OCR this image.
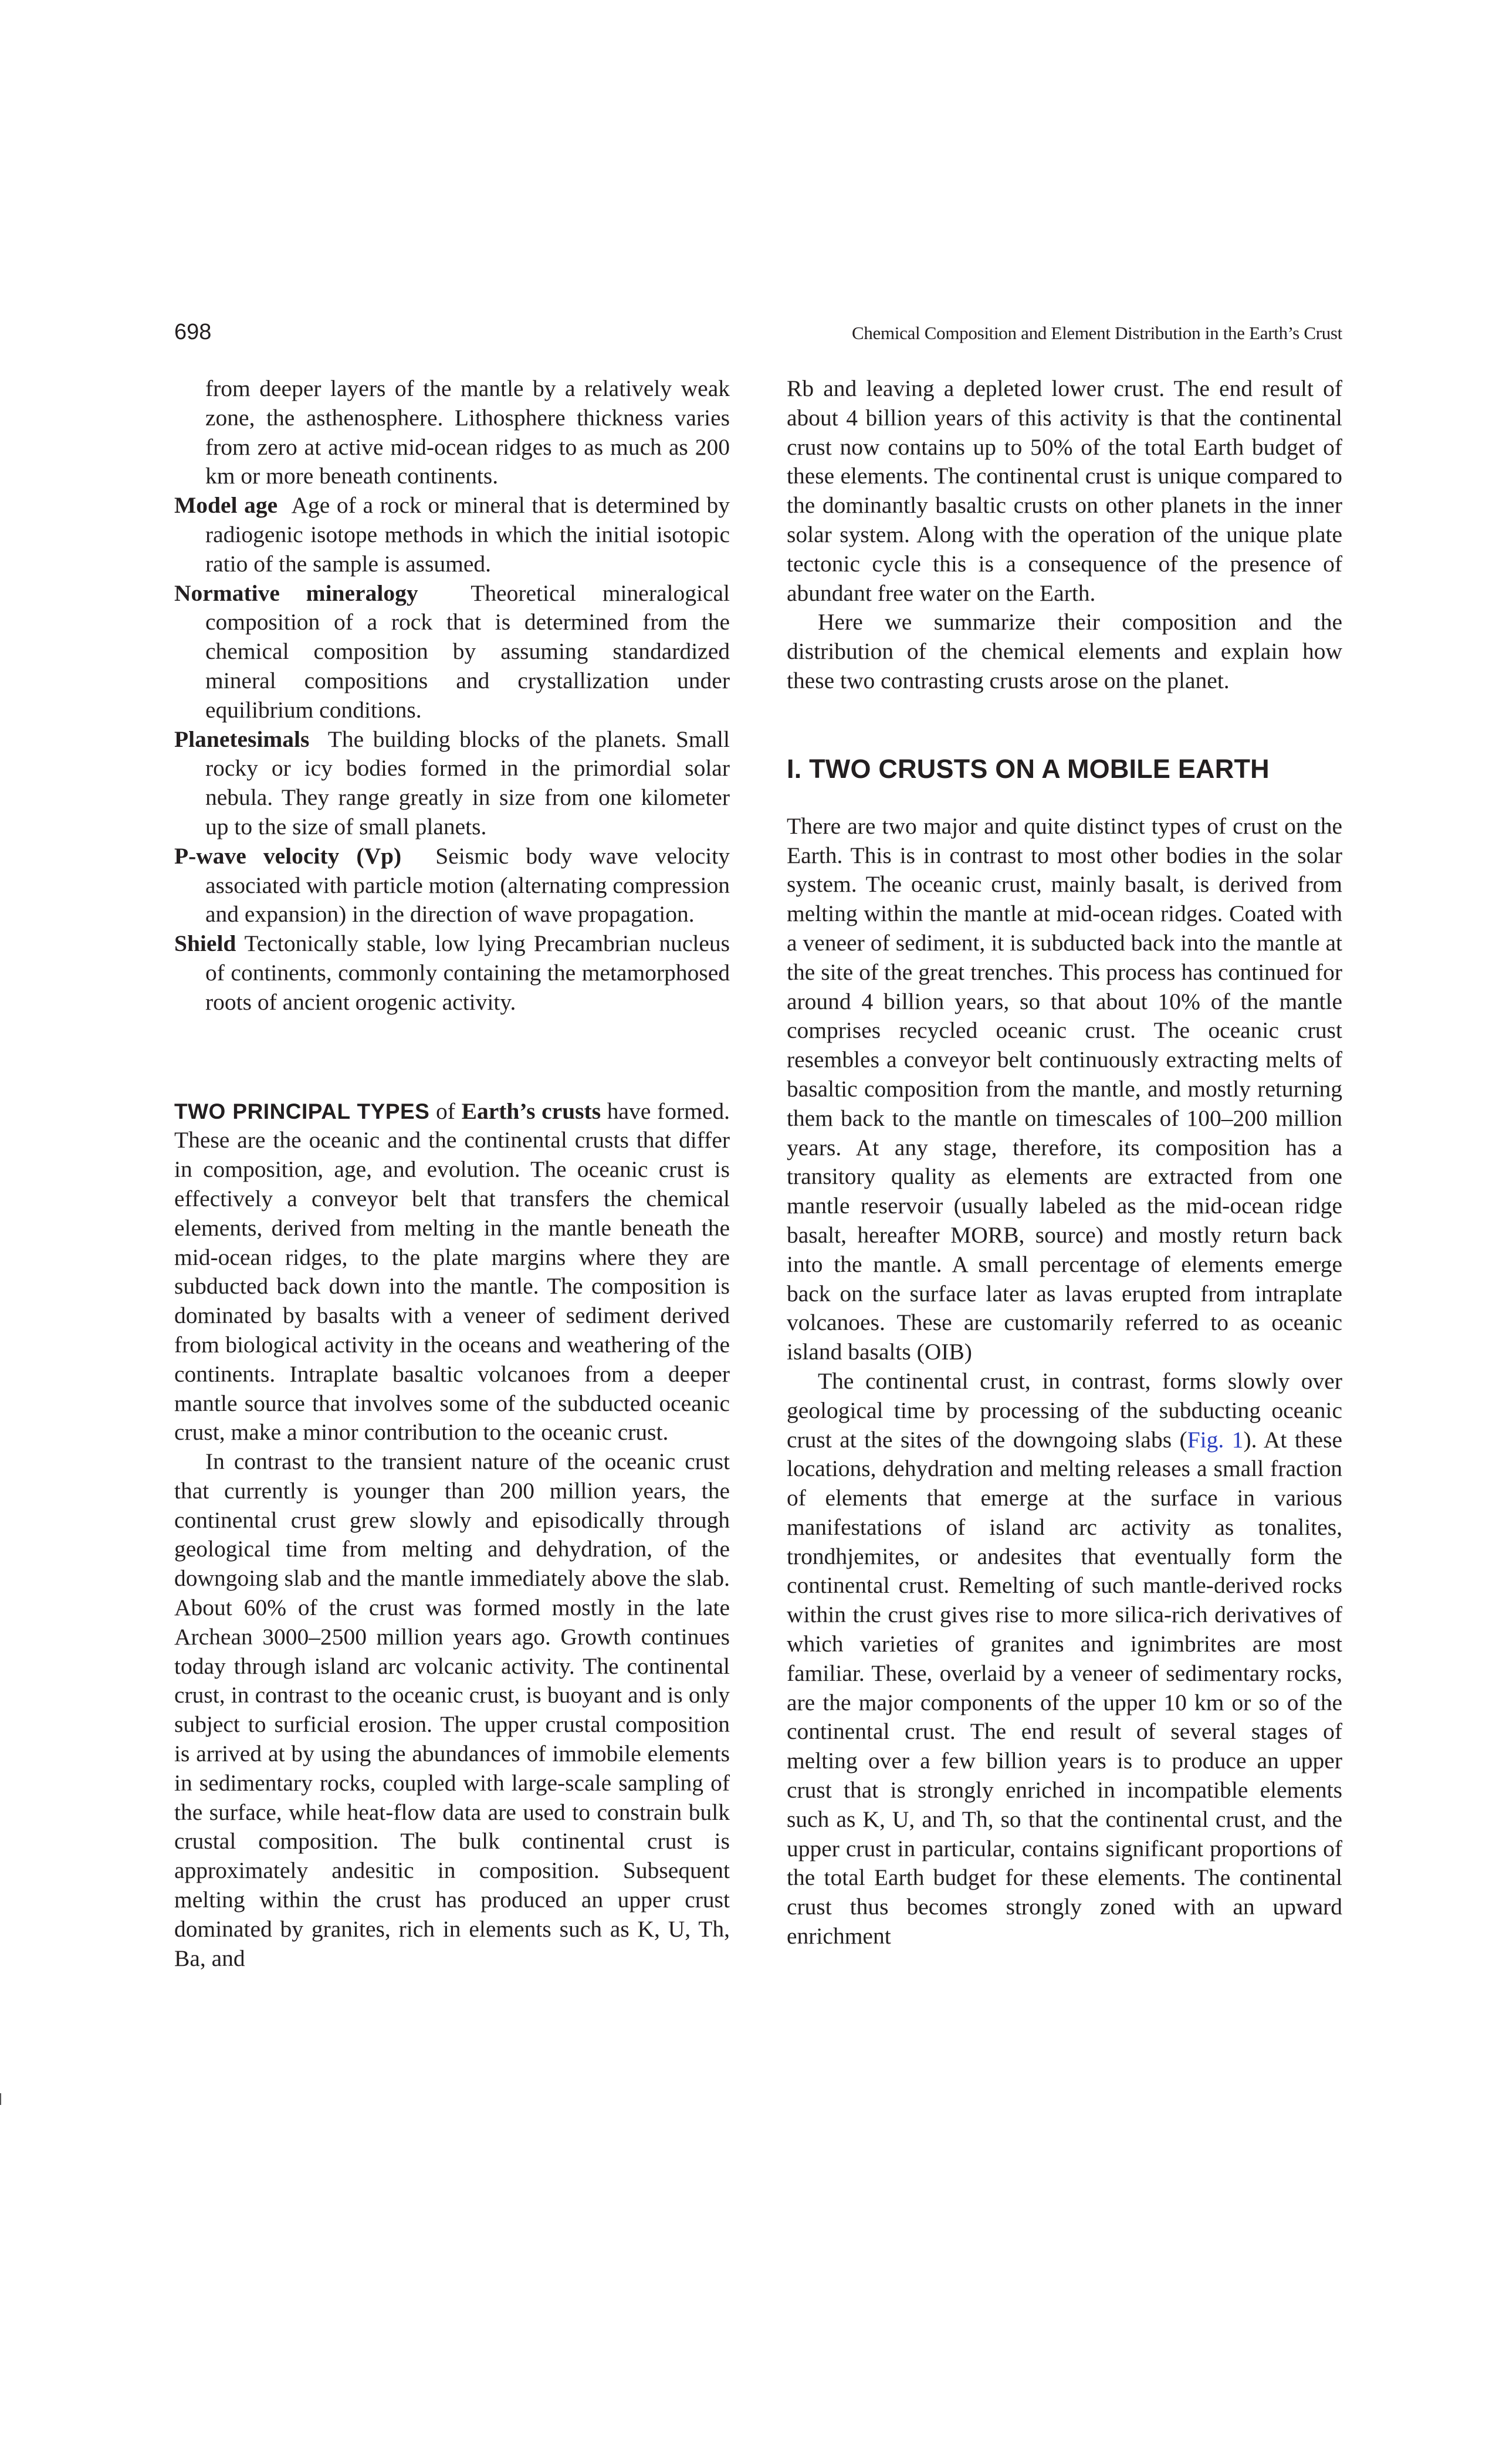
698	Chemical Composition and Element Distribution in the Earth’s Crust

from deeper layers of the mantle by a relatively weak zone, the asthenosphere. Lithosphere thickness varies from zero at active mid-ocean ridges to as much as 200 km or more beneath continents.

Model age Age of a rock or mineral that is determined by radiogenic isotope methods in which the initial isotopic ratio of the sample is assumed.

Normative mineralogy Theoretical mineralogical composition of a rock that is determined from the chemical composition by assuming standardized mineral compositions and crystallization under equilibrium conditions.

Planetesimals The building blocks of the planets. Small rocky or icy bodies formed in the primordial solar nebula. They range greatly in size from one kilometer up to the size of small planets.

P-wave velocity (Vp) Seismic body wave velocity associated with particle motion (alternating compression and expansion) in the direction of wave propagation.

Shield Tectonically stable, low lying Precambrian nucleus of continents, commonly containing the metamorphosed roots of ancient orogenic activity.

TWO PRINCIPAL TYPES of Earth’s crusts have formed. These are the oceanic and the continental crusts that differ in composition, age, and evolution. The oceanic crust is effectively a conveyor belt that transfers the chemical elements, derived from melting in the mantle beneath the mid-ocean ridges, to the plate margins where they are subducted back down into the mantle. The composition is dominated by basalts with a veneer of sediment derived from biological activity in the oceans and weathering of the continents. Intraplate basaltic volcanoes from a deeper mantle source that involves some of the subducted oceanic crust, make a minor contribution to the oceanic crust.

In contrast to the transient nature of the oceanic crust that currently is younger than 200 million years, the continental crust grew slowly and episodically through geological time from melting and dehydration, of the downgoing slab and the mantle immediately above the slab. About 60% of the crust was formed mostly in the late Archean 3000–2500 million years ago. Growth continues today through island arc volcanic activity. The continental crust, in contrast to the oceanic crust, is buoyant and is only subject to surficial erosion. The upper crustal composition is arrived at by using the abundances of immobile elements in sedimentary rocks, coupled with large-scale sampling of the surface, while heat-flow data are used to constrain bulk crustal composition. The bulk continental crust is approximately andesitic in composition. Subsequent melting within the crust has produced an upper crust dominated by granites, rich in elements such as K, U, Th, Ba, and

Rb and leaving a depleted lower crust. The end result of about 4 billion years of this activity is that the continental crust now contains up to 50% of the total Earth budget of these elements. The continental crust is unique compared to the dominantly basaltic crusts on other planets in the inner solar system. Along with the operation of the unique plate tectonic cycle this is a consequence of the presence of abundant free water on the Earth.

Here we summarize their composition and the distribution of the chemical elements and explain how these two contrasting crusts arose on the planet.

I. TWO CRUSTS ON A MOBILE EARTH

There are two major and quite distinct types of crust on the Earth. This is in contrast to most other bodies in the solar system. The oceanic crust, mainly basalt, is derived from melting within the mantle at mid-ocean ridges. Coated with a veneer of sediment, it is subducted back into the mantle at the site of the great trenches. This process has continued for around 4 billion years, so that about 10% of the mantle comprises recycled oceanic crust. The oceanic crust resembles a conveyor belt continuously extracting melts of basaltic composition from the mantle, and mostly returning them back to the mantle on timescales of 100–200 million years. At any stage, therefore, its composition has a transitory quality as elements are extracted from one mantle reservoir (usually labeled as the mid-ocean ridge basalt, hereafter MORB, source) and mostly return back into the mantle. A small percentage of elements emerge back on the surface later as lavas erupted from intraplate volcanoes. These are customarily referred to as oceanic island basalts (OIB)

The continental crust, in contrast, forms slowly over geological time by processing of the subducting oceanic crust at the sites of the downgoing slabs (Fig. 1). At these locations, dehydration and melting releases a small fraction of elements that emerge at the surface in various manifestations of island arc activity as tonalites, trondhjemites, or andesites that eventually form the continental crust. Remelting of such mantle-derived rocks within the crust gives rise to more silica-rich derivatives of which varieties of granites and ignimbrites are most familiar. These, overlaid by a veneer of sedimentary rocks, are the major components of the upper 10 km or so of the continental crust. The end result of several stages of melting over a few billion years is to produce an upper crust that is strongly enriched in incompatible elements such as K, U, and Th, so that the continental crust, and the upper crust in particular, contains significant proportions of the total Earth budget for these elements. The continental crust thus becomes strongly zoned with an upward enrichment
